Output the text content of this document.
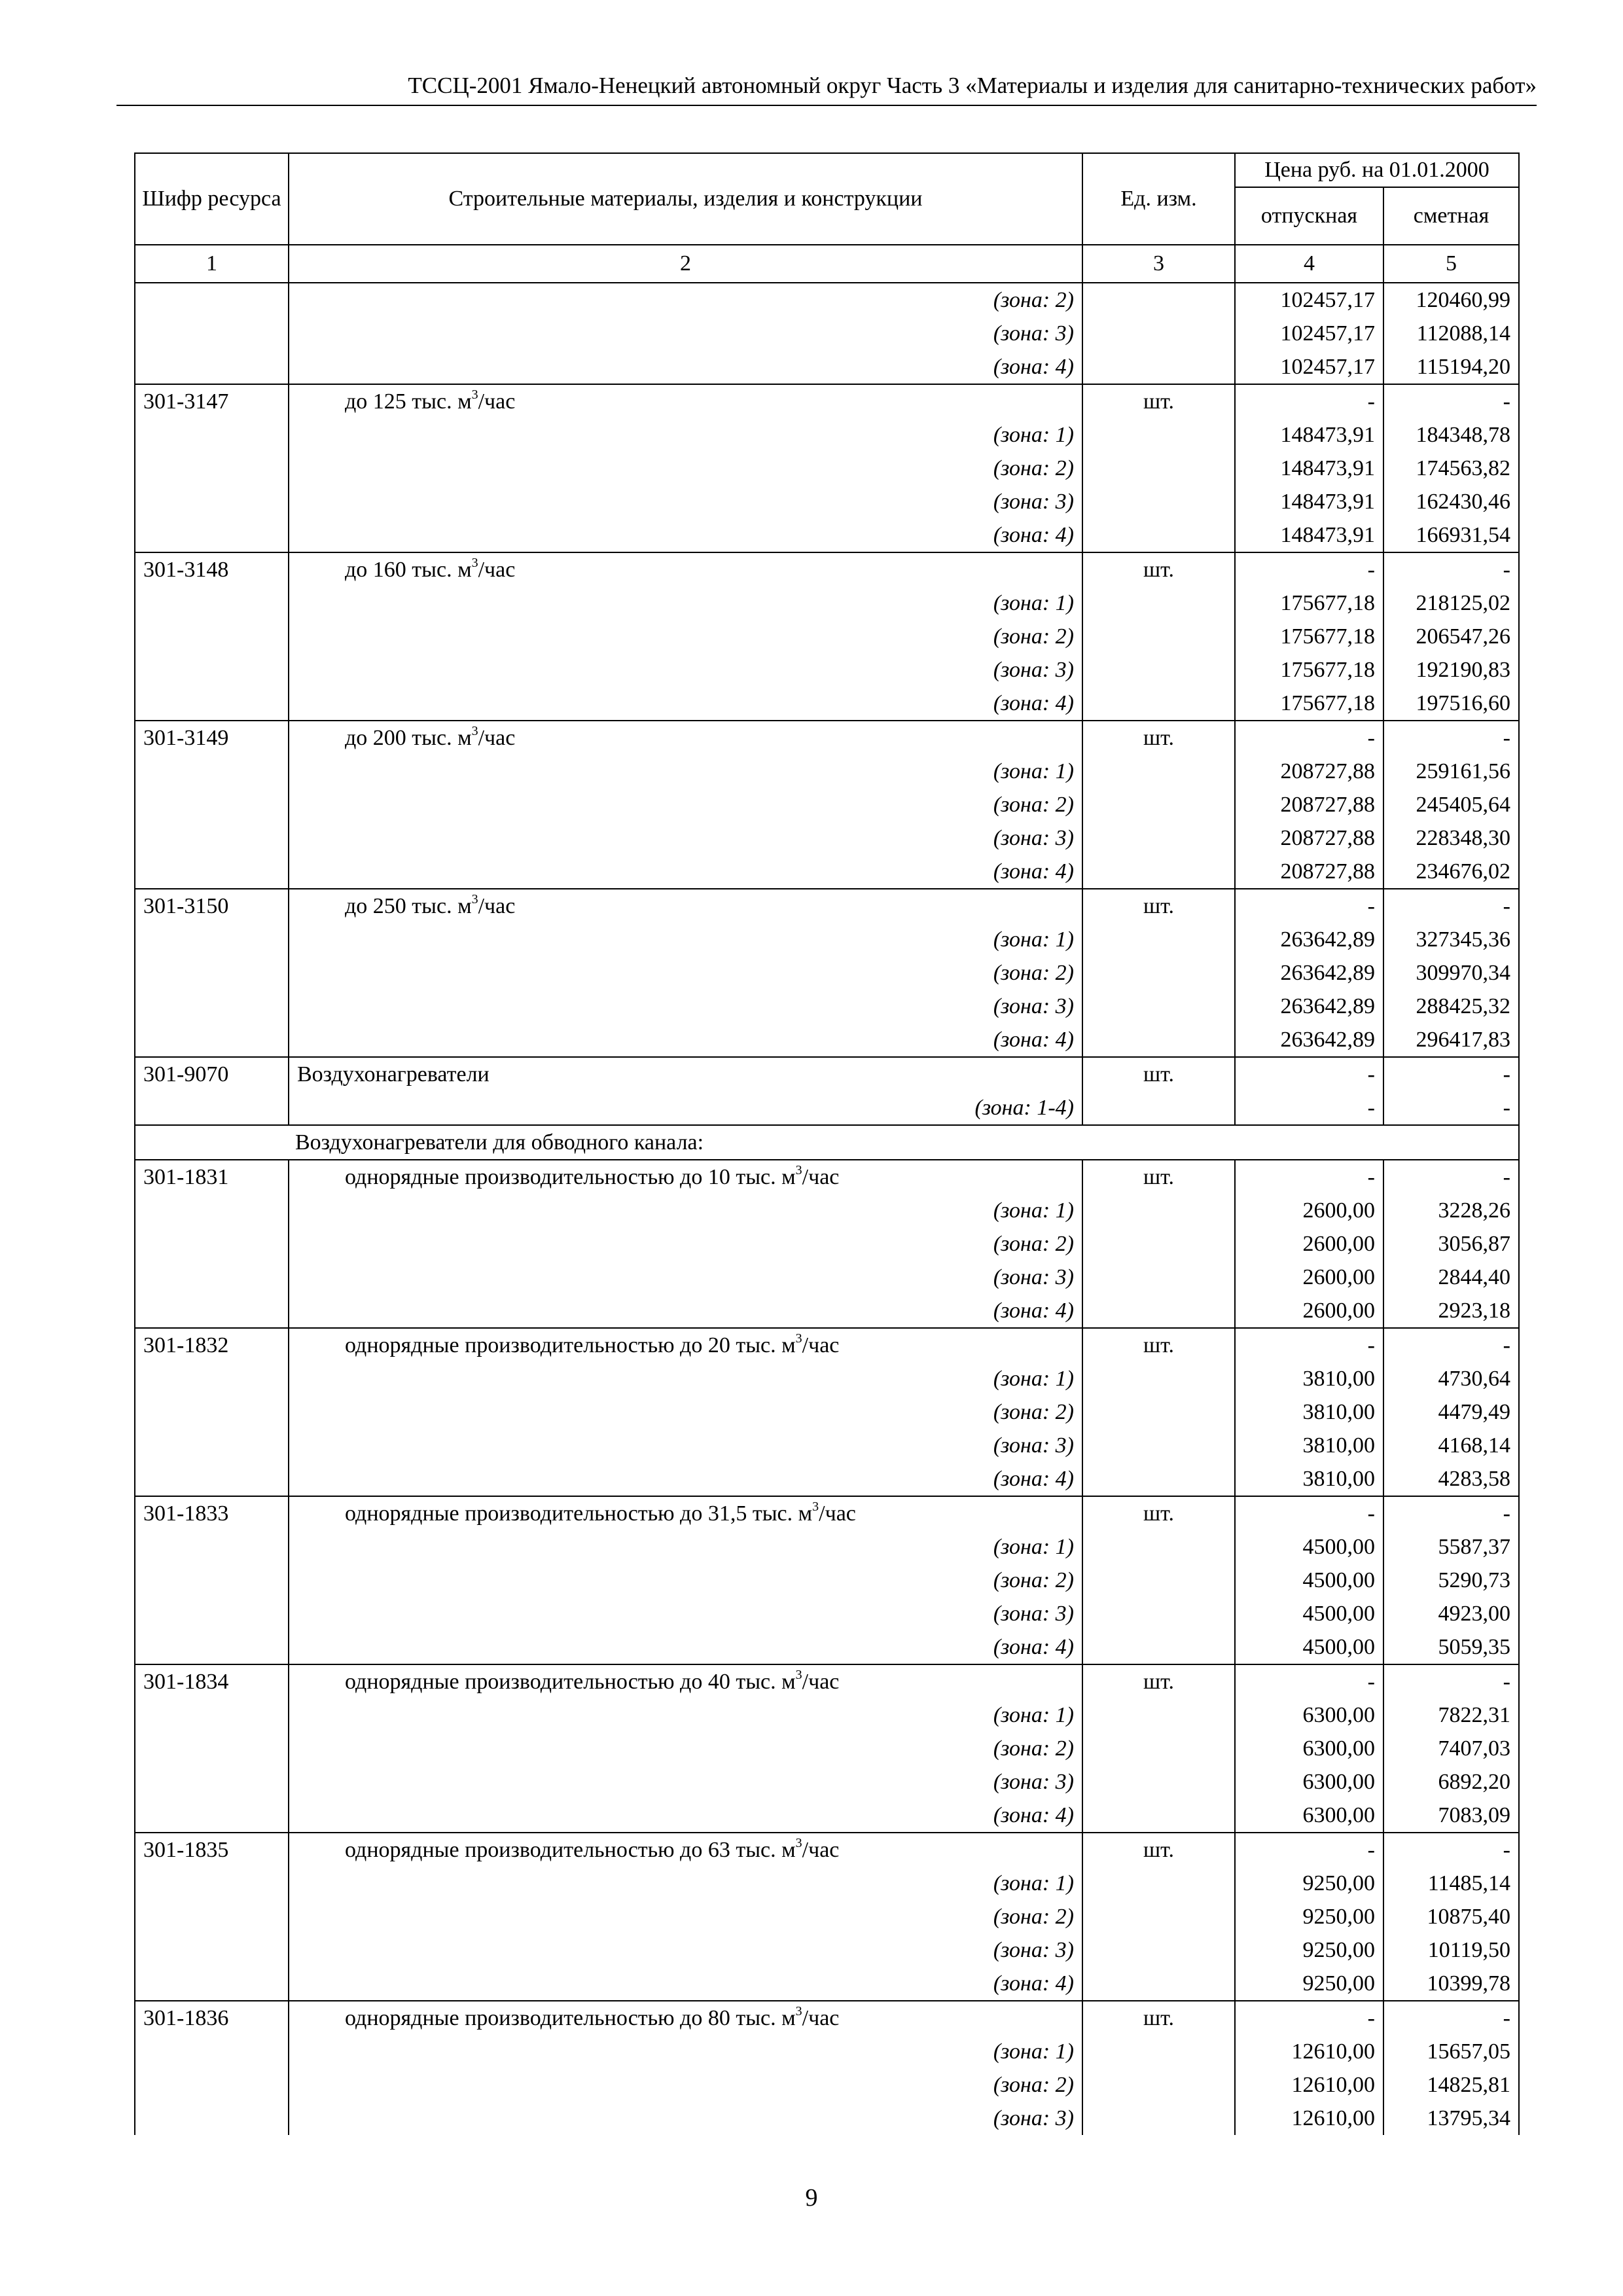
ТССЦ-2001 Ямало-Ненецкий автономный округ Часть 3 «Материалы и изделия для санитарно-технических работ»
Шифр ресурса	Строительные материалы, изделия и конструкции	Ед. изм.	Цена руб. на 01.01.2000	
			отпускная	сметная
1	2	3	4	5
	(зона: 2)		102457,17	120460,99
	(зона: 3)		102457,17	112088,14
	(зона: 4)		102457,17	115194,20
301-3147	до 125 тыс. $м^3$/час	шт.	-	-
	(зона: 1)		148473,91	184348,78
	(зона: 2)		148473,91	174563,82
	(зона: 3)		148473,91	162430,46
	(зона: 4)		148473,91	166931,54
301-3148	до 160 тыс. $м^3$/час	шт.	-	-
	(зона: 1)		175677,18	218125,02
	(зона: 2)		175677,18	206547,26
	(зона: 3)		175677,18	192190,83
	(зона: 4)		175677,18	197516,60
301-3149	до 200 тыс. $м^3$/час	шт.	-	-
	(зона: 1)		208727,88	259161,56
	(зона: 2)		208727,88	245405,64
	(зона: 3)		208727,88	228348,30
	(зона: 4)		208727,88	234676,02
301-3150	до 250 тыс. $м^3$/час	шт.	-	-
	(зона: 1)		263642,89	327345,36
	(зона: 2)		263642,89	309970,34
	(зона: 3)		263642,89	288425,32
	(зона: 4)		263642,89	296417,83
301-9070	Воздухонагреватели	шт.	-	-
	(зона: 1-4)		-	-
Воздухонагреватели для обводного канала:				
301-1831	однорядные производительностью до 10 тыс. $м^3$/час	шт.	-	-
	(зона: 1)		2600,00	3228,26
	(зона: 2)		2600,00	3056,87
	(зона: 3)		2600,00	2844,40
	(зона: 4)		2600,00	2923,18
301-1832	однорядные производительностью до 20 тыс. $м^3$/час	шт.	-	-
	(зона: 1)		3810,00	4730,64
	(зона: 2)		3810,00	4479,49
	(зона: 3)		3810,00	4168,14
	(зона: 4)		3810,00	4283,58
301-1833	однорядные производительностью до 31,5 тыс. $м^3$/час	шт.	-	-
	(зона: 1)		4500,00	5587,37
	(зона: 2)		4500,00	5290,73
	(зона: 3)		4500,00	4923,00
	(зона: 4)		4500,00	5059,35
301-1834	однорядные производительностью до 40 тыс. $м^3$/час	шт.	-	-
	(зона: 1)		6300,00	7822,31
	(зона: 2)		6300,00	7407,03
	(зона: 3)		6300,00	6892,20
	(зона: 4)		6300,00	7083,09
301-1835	однорядные производительностью до 63 тыс. $м^3$/час	шт.	-	-
	(зона: 1)		9250,00	11485,14
	(зона: 2)		9250,00	10875,40
	(зона: 3)		9250,00	10119,50
	(зона: 4)		9250,00	10399,78
301-1836	однорядные производительностью до 80 тыс. $м^3$/час	шт.	-	-
	(зона: 1)		12610,00	15657,05
	(зона: 2)		12610,00	14825,81
	(зона: 3)		12610,00	13795,34
9
